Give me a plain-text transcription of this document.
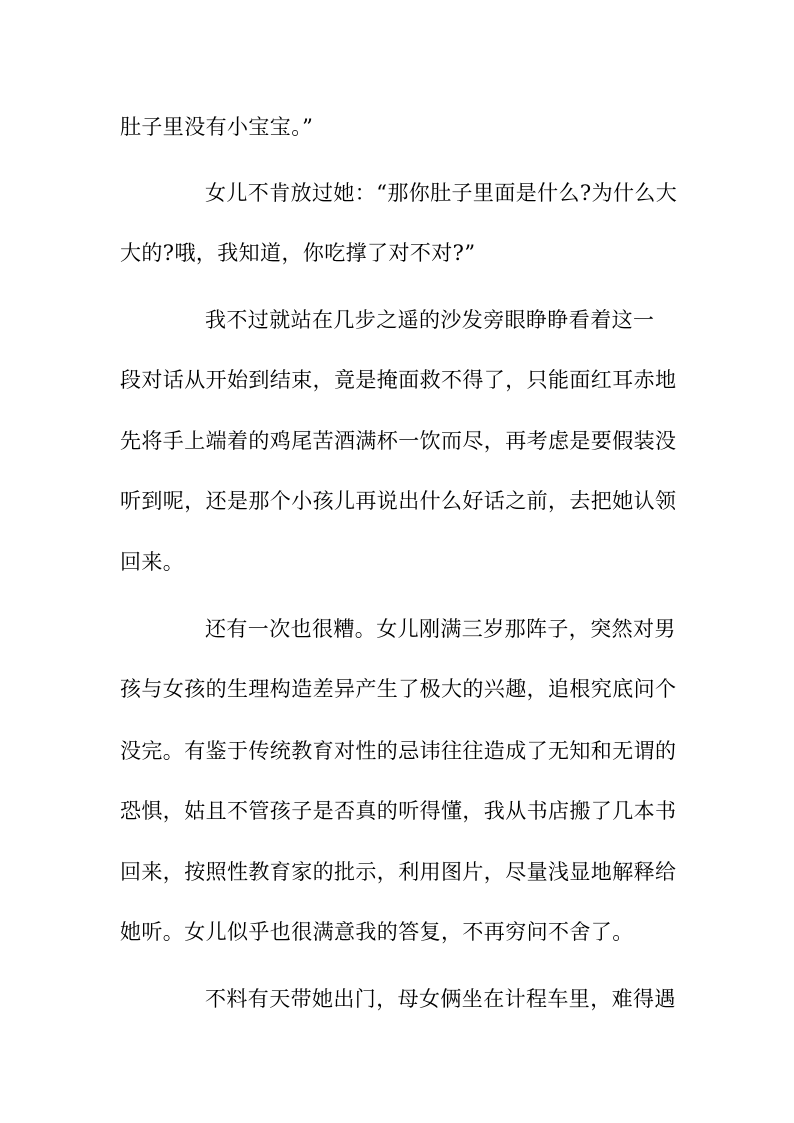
肚子里没有小宝宝。”
女儿不肯放过她：“那你肚子里面是什么?为什么大
大的?哦，我知道，你吃撑了对不对?”
我不过就站在几步之遥的沙发旁眼睁睁看着这一
段对话从开始到结束，竟是掩面救不得了，只能面红耳赤地
先将手上端着的鸡尾苦酒满杯一饮而尽，再考虑是要假装没
听到呢，还是那个小孩儿再说出什么好话之前，去把她认领
回来。
还有一次也很糟。女儿刚满三岁那阵子，突然对男
孩与女孩的生理构造差异产生了极大的兴趣，追根究底问个
没完。有鉴于传统教育对性的忌讳往往造成了无知和无谓的
恐惧，姑且不管孩子是否真的听得懂，我从书店搬了几本书
回来，按照性教育家的批示，利用图片，尽量浅显地解释给
她听。女儿似乎也很满意我的答复，不再穷问不舍了。
不料有天带她出门，母女俩坐在计程车里，难得遇
